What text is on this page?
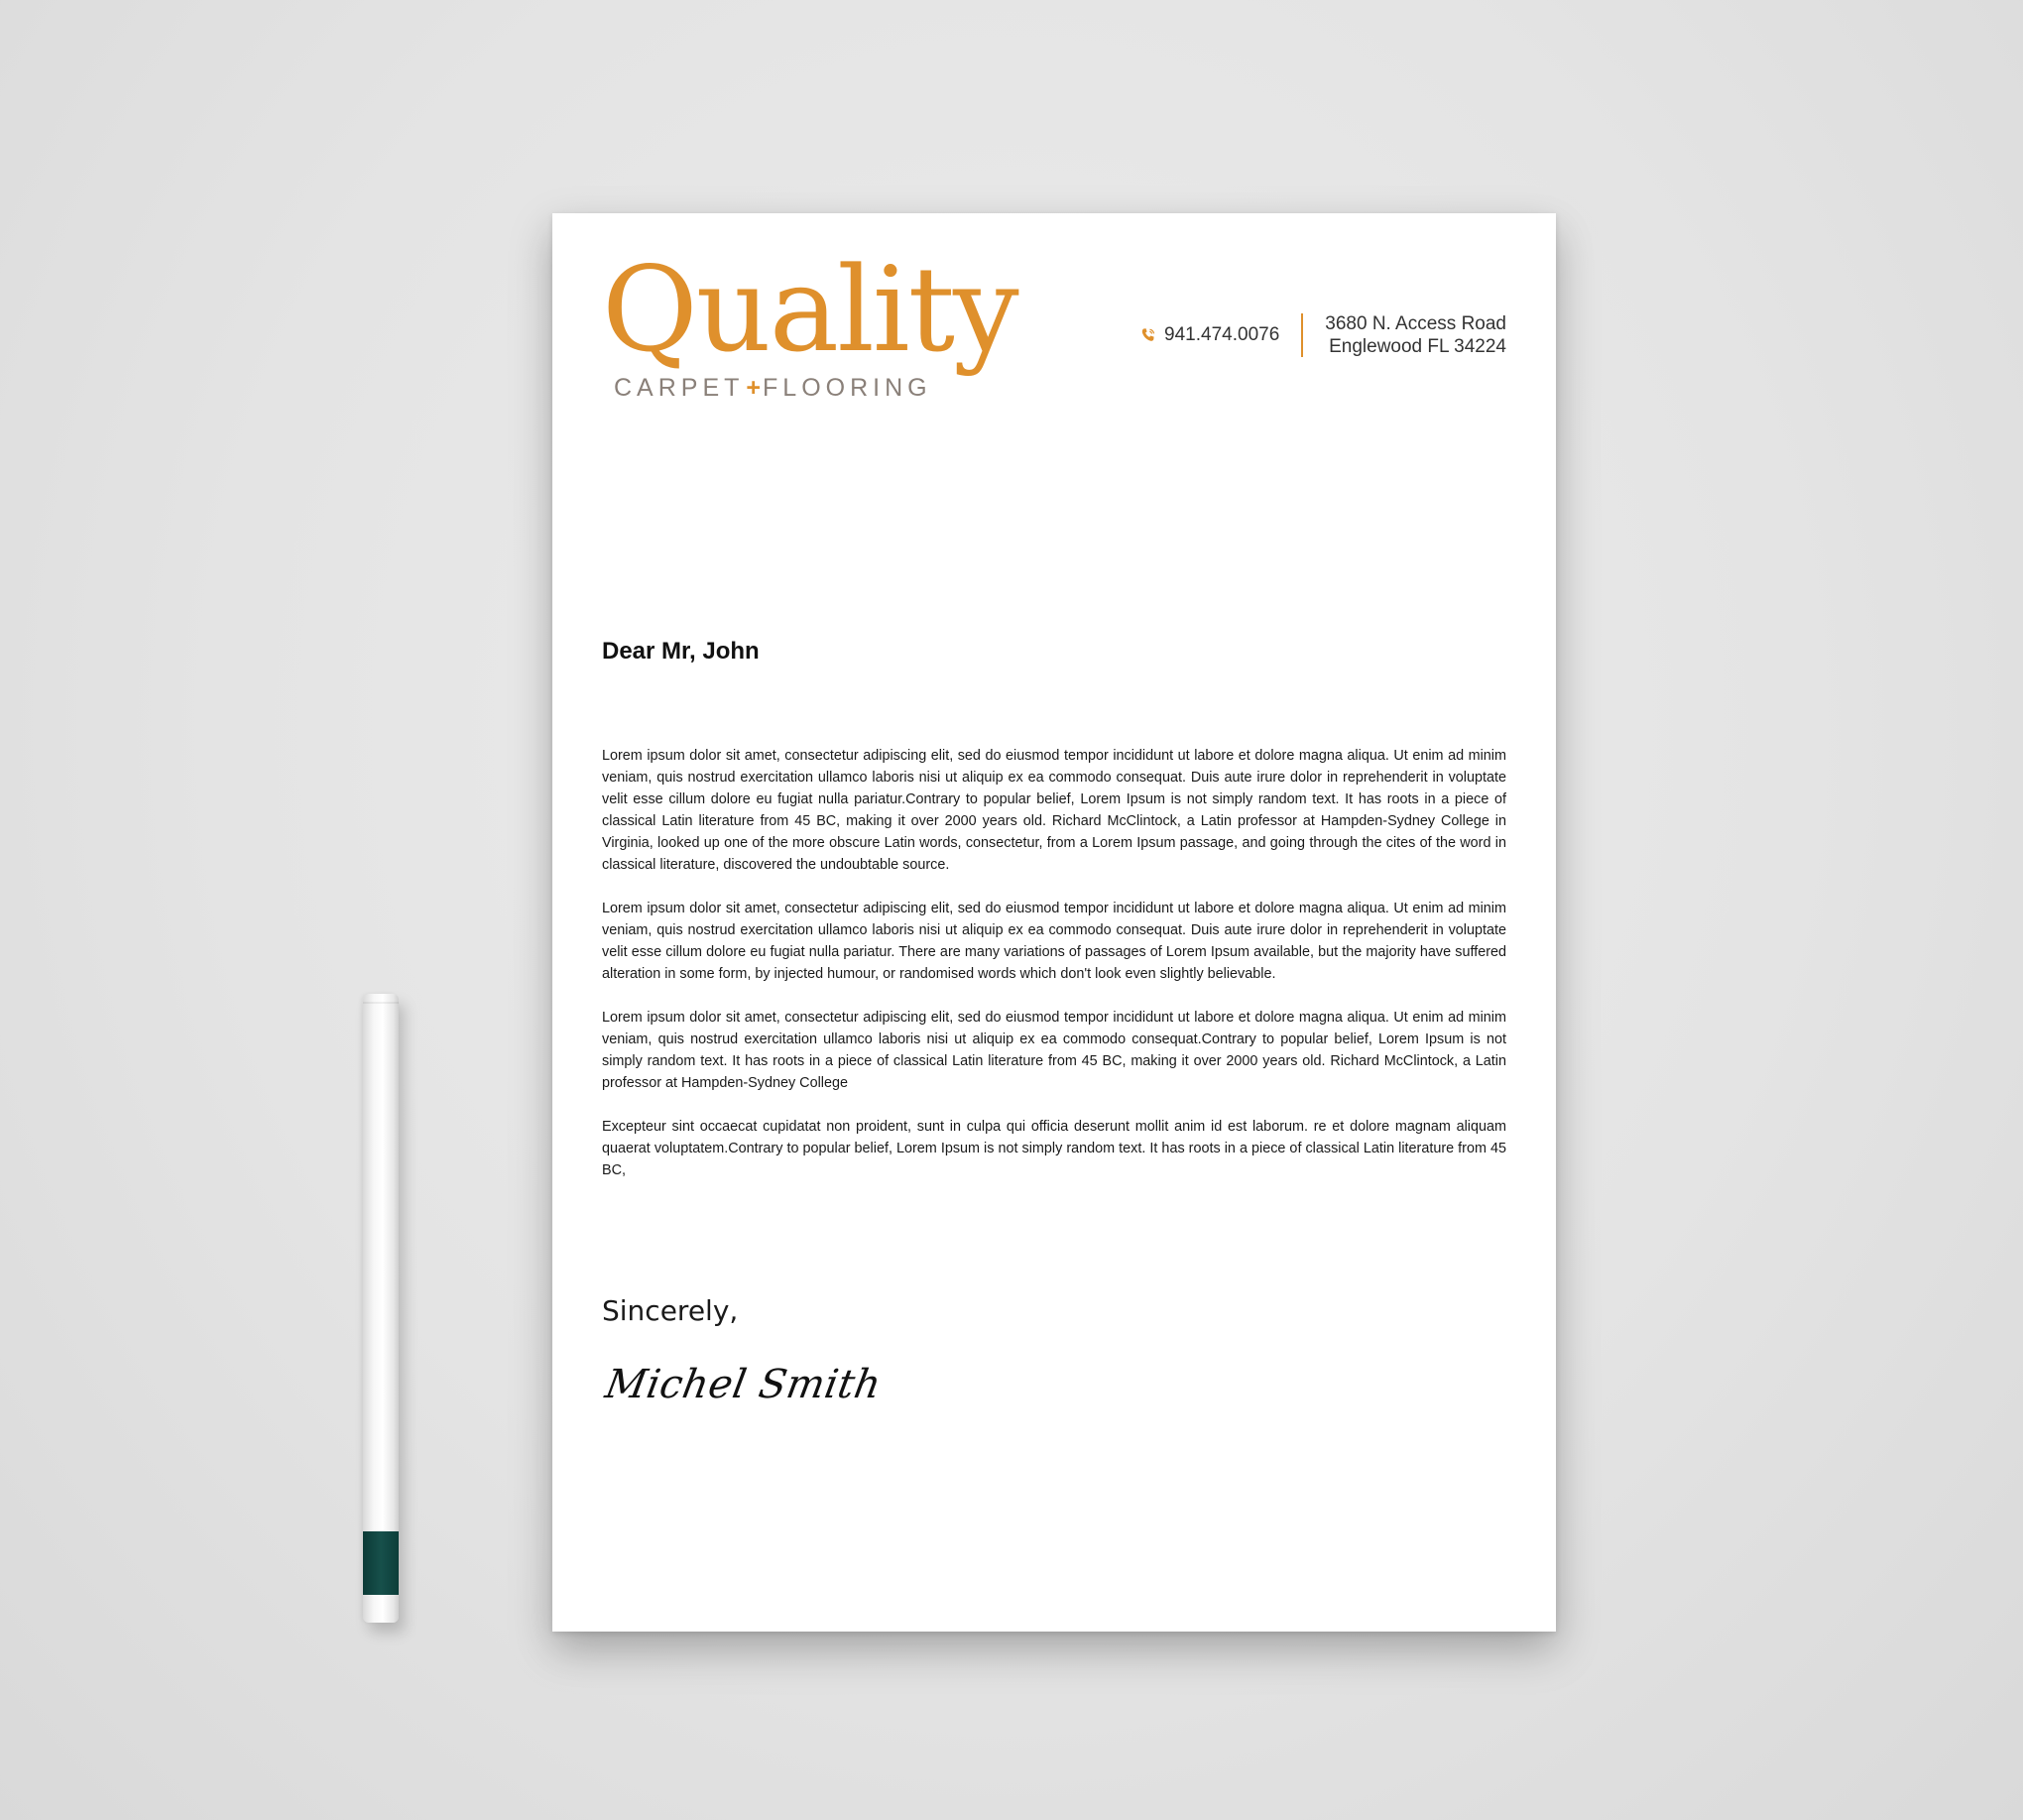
Quality
CARPET+FLOORING
941.474.0076
3680 N. Access Road
Englewood FL 34224
Dear Mr, John

Lorem ipsum dolor sit amet, consectetur adipiscing elit, sed do eiusmod tempor incididunt ut labore et dolore magna aliqua. Ut enim ad minim veniam, quis nostrud exercitation ullamco laboris nisi ut aliquip ex ea commodo consequat. Duis aute irure dolor in reprehenderit in voluptate velit esse cillum dolore eu fugiat nulla pariatur.Contrary to popular belief, Lorem Ipsum is not simply random text. It has roots in a piece of classical Latin literature from 45 BC, making it over 2000 years old. Richard McClintock, a Latin professor at Hampden-Sydney College in Virginia, looked up one of the more obscure Latin words, consectetur, from a Lorem Ipsum passage, and going through the cites of the word in classical literature, discovered the undoubtable source.

Lorem ipsum dolor sit amet, consectetur adipiscing elit, sed do eiusmod tempor incididunt ut labore et dolore magna aliqua. Ut enim ad minim veniam, quis nostrud exercitation ullamco laboris nisi ut aliquip ex ea commodo consequat. Duis aute irure dolor in reprehenderit in voluptate velit esse cillum dolore eu fugiat nulla pariatur. There are many variations of passages of Lorem Ipsum available, but the majority have suffered alteration in some form, by injected humour, or randomised words which don't look even slightly believable.

Lorem ipsum dolor sit amet, consectetur adipiscing elit, sed do eiusmod tempor incididunt ut labore et dolore magna aliqua. Ut enim ad minim veniam, quis nostrud exercitation ullamco laboris nisi ut aliquip ex ea commodo consequat.Contrary to popular belief, Lorem Ipsum is not simply random text. It has roots in a piece of classical Latin literature from 45 BC, making it over 2000 years old. Richard McClintock, a Latin professor at Hampden-Sydney College

Excepteur sint occaecat cupidatat non proident, sunt in culpa qui officia deserunt mollit anim id est laborum. re et dolore magnam aliquam quaerat voluptatem.Contrary to popular belief, Lorem Ipsum is not simply random text. It has roots in a piece of classical Latin literature from 45 BC,

Sincerely,
Michel Smith
